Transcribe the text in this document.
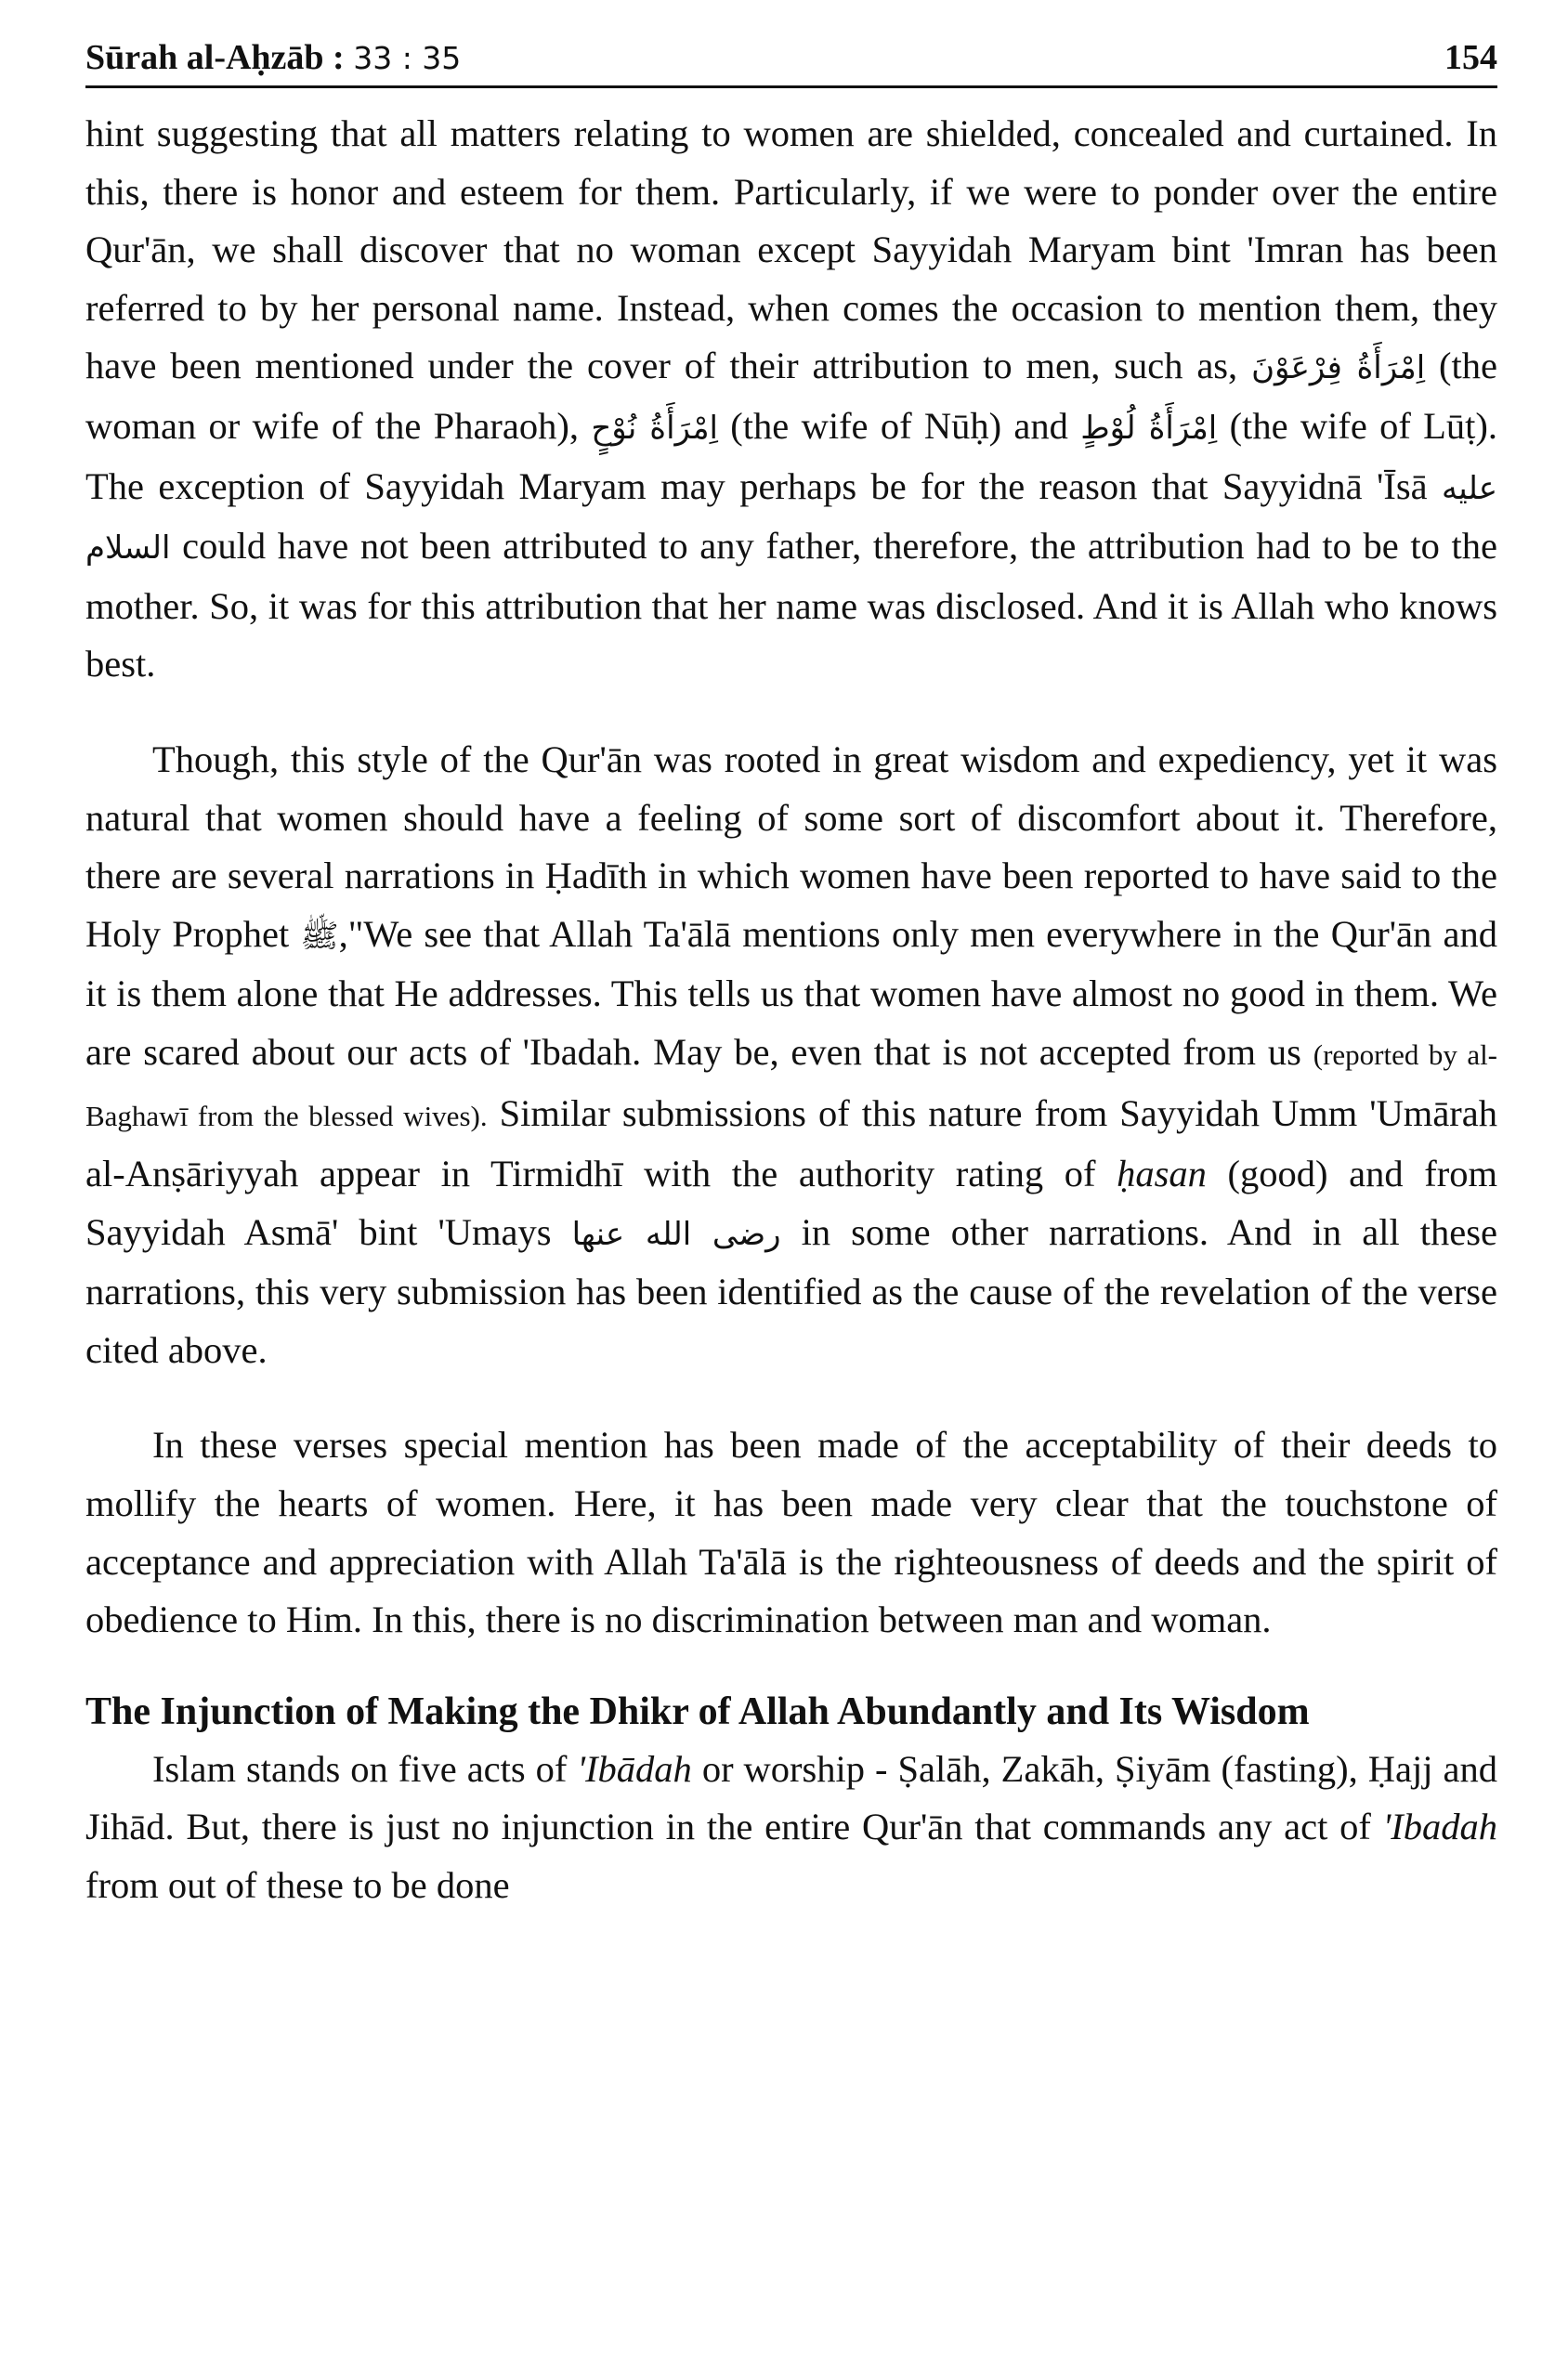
Sūrah al-Aḥzāb : 33 : 35	154

hint suggesting that all matters relating to women are shielded, concealed and curtained. In this, there is honor and esteem for them. Particularly, if we were to ponder over the entire Qur'ān, we shall discover that no woman except Sayyidah Maryam bint 'Imran has been referred to by her personal name. Instead, when comes the occasion to mention them, they have been mentioned under the cover of their attribution to men, such as, اِمْرَأَةُ فِرْعَوْنَ (the woman or wife of the Pharaoh), اِمْرَأَةُ نُوْحٍ (the wife of Nūḥ) and اِمْرَأَةُ لُوْطٍ (the wife of Lūṭ). The exception of Sayyidah Maryam may perhaps be for the reason that Sayyidnā 'Īsā عليه السلام could have not been attributed to any father, therefore, the attribution had to be to the mother. So, it was for this attribution that her name was disclosed. And it is Allah who knows best.

Though, this style of the Qur'ān was rooted in great wisdom and expediency, yet it was natural that women should have a feeling of some sort of discomfort about it. Therefore, there are several narrations in Ḥadīth in which women have been reported to have said to the Holy Prophet ﷺ,"We see that Allah Ta'ālā mentions only men everywhere in the Qur'ān and it is them alone that He addresses. This tells us that women have almost no good in them. We are scared about our acts of 'Ibadah. May be, even that is not accepted from us (reported by al-Baghawī from the blessed wives). Similar submissions of this nature from Sayyidah Umm 'Umārah al-Anṣāriyyah appear in Tirmidhī with the authority rating of ḥasan (good) and from Sayyidah Asmā' bint 'Umays رضی الله عنها in some other narrations. And in all these narrations, this very submission has been identified as the cause of the revelation of the verse cited above.

In these verses special mention has been made of the acceptability of their deeds to mollify the hearts of women. Here, it has been made very clear that the touchstone of acceptance and appreciation with Allah Ta'ālā is the righteousness of deeds and the spirit of obedience to Him. In this, there is no discrimination between man and woman.

The Injunction of Making the Dhikr of Allah Abundantly and Its Wisdom

Islam stands on five acts of 'Ibādah or worship - Ṣalāh, Zakāh, Ṣiyām (fasting), Ḥajj and Jihād. But, there is just no injunction in the entire Qur'ān that commands any act of 'Ibadah from out of these to be done
